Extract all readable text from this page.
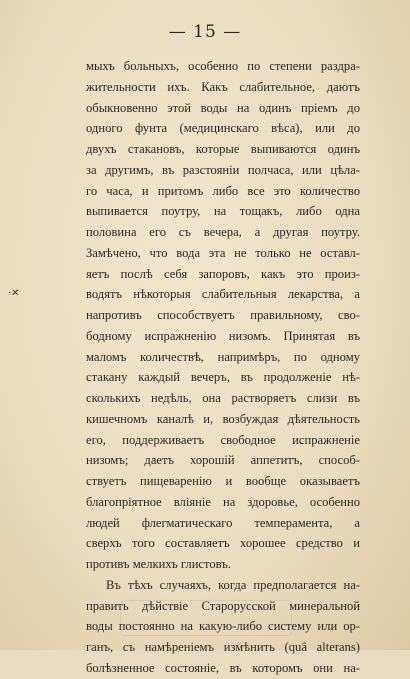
— 15 —
·✕
мыхъ больныхъ, особенно по степени раздра-
жительности ихъ. Какъ слабительное, даютъ
обыкновенно этой воды на одинъ пріемъ до
одного фунта (медицинскаго вѣса), или до
двухъ стакановъ, которые выпиваются одинъ
за другимъ, въ разстояніи полчаса, или цѣла-
го часа, и притомъ либо все это количество
выпивается поутру, на тощакъ, либо одна
половина его съ вечера, а другая поутру.
Замѣчено, что вода эта не только не оставл-
яетъ послѣ себя запоровъ, какъ это произ-
водятъ нѣкоторыя слабительныя лекарства, а
напротивъ способствуетъ правильному, сво-
бодному испражненію низомъ. Принятая въ
маломъ количествѣ, напримѣръ, по одному
стакану каждый вечеръ, въ продолженіе нѣ-
сколькихъ недѣль, она растворяетъ слизи въ
кишечномъ каналѣ и, возбуждая дѣятельность
его, поддерживаетъ свободное испражненіе
низомъ; даетъ хорошій аппетитъ, способ-
ствуетъ пищеваренію и вообще оказываетъ
благопріятное вліяніе на здоровье, особенно
людей флегматическаго темперамента, а
сверхъ того составляетъ хорошее средство и
противъ мелкихъ глистовъ.
Въ тѣхъ случаяхъ, когда предполагается на-
править дѣйствіе Старорусской минеральной
воды постоянно на какую-либо систему или ор-
ганъ, съ намѣреніемъ измѣнить (quâ alterans)
болѣзненное состояніе, въ которомъ они на-
